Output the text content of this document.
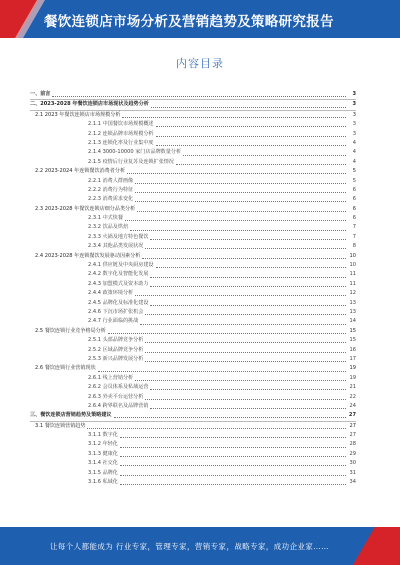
餐饮连锁店市场分析及营销趋势及策略研究报告
内容目录
一、前言	3
二、2023-2028 年餐饮连锁店市场现状及趋势分析	3
2.1 2023 年餐饮连锁店市场规模分析	3
2.1.1 中国餐饮市场规模概述	3
2.1.2 连锁品牌市场规模分析	3
2.1.3 连锁化率及行业集中度	4
2.1.4 3000-10000 家门店品牌数量分析	4
2.1.5 疫情后行业复苏及连锁扩张情况	4
2.2 2023-2024 年连锁餐饮消费者分析	5
2.2.1 消费人群画像	5
2.2.2 消费行为特征	6
2.2.3 消费需求变化	6
2.3 2023-2028 年餐饮连锁店细分品类分析	6
2.3.1 中式快餐	6
2.3.2 饮品及烘焙	7
2.3.3 火锅及地方特色餐饮	7
2.3.4 其他品类发展状况	8
2.4 2023-2028 年连锁餐饮发展驱动因素分析	10
2.4.1 供应链及中央厨房建设	10
2.4.2 数字化及智能化发展	11
2.4.3 加盟模式及资本助力	11
2.4.4 政策环境分析	12
2.4.5 品牌化及标准化建设	13
2.4.6 下沉市场扩张机会	13
2.4.7 行业面临的挑战	14
2.5 餐饮连锁行业竞争格局分析	15
2.5.1 头部品牌竞争分析	15
2.5.2 区域品牌竞争分析	16
2.5.3 新兴品牌发展分析	17
2.6 餐饮连锁行业营销现状	19
2.6.1 线上营销分析	19
2.6.2 会员体系及私域运营	21
2.6.3 外卖平台运营分析	22
2.6.4 跨界联名及品牌营销	24
三、餐饮连锁店营销趋势及策略建议	27
3.1 餐饮连锁营销趋势	27
3.1.1 数字化	27
3.1.2 年轻化	28
3.1.3 健康化	29
3.1.4 社交化	30
3.1.5 品牌化	31
3.1.6 私域化	34
让每个人都能成为 行业专家，管理专家，营销专家，战略专家，成功企业家……
